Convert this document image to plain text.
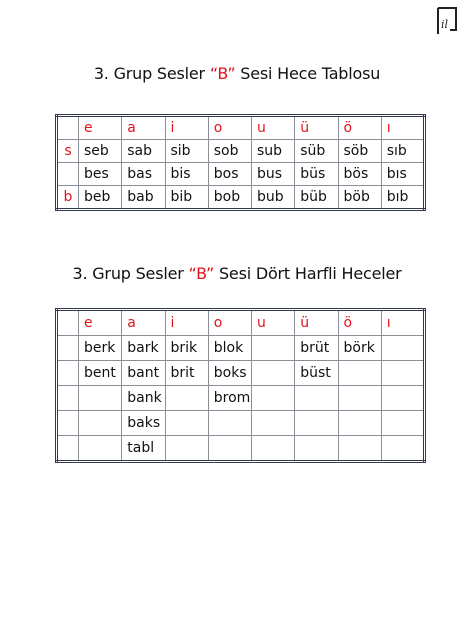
il
3. Grup Sesler “B” Sesi Hece Tablosu
	e	a	i	o	u	ü	ö	ı
s	seb	sab	sib	sob	sub	süb	söb	sıb
	bes	bas	bis	bos	bus	büs	bös	bıs
b	beb	bab	bib	bob	bub	büb	böb	bıb
3. Grup Sesler “B” Sesi Dört Harfli Heceler
	e	a	i	o	u	ü	ö	ı
	berk	bark	brik	blok		brüt	börk	
	bent	bant	brit	boks		büst		
		bank		brom				
		baks						
		tabl						
